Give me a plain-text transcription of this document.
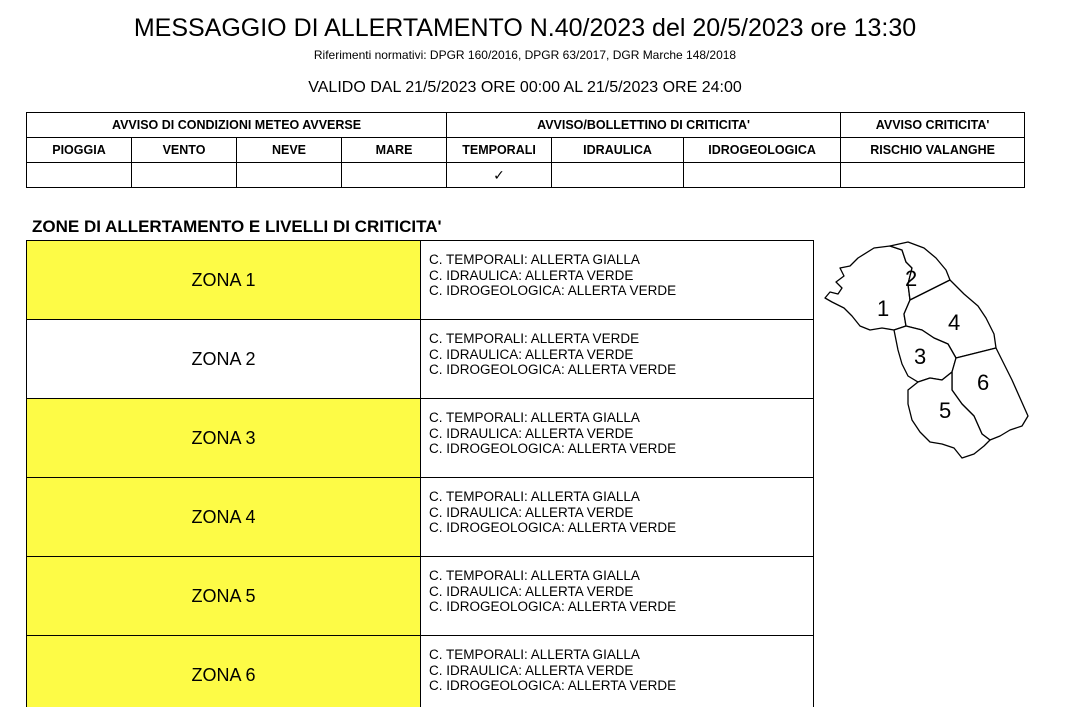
MESSAGGIO DI ALLERTAMENTO N.40/2023 del 20/5/2023 ore 13:30
Riferimenti normativi: DPGR 160/2016, DPGR 63/2017, DGR Marche 148/2018
VALIDO DAL 21/5/2023 ORE 00:00 AL 21/5/2023 ORE 24:00
AVVISO DI CONDIZIONI METEO AVVERSE				AVVISO/BOLLETTINO DI CRITICITA'			AVVISO CRITICITA'
PIOGGIA	VENTO	NEVE	MARE	TEMPORALI	IDRAULICA	IDROGEOLOGICA	RISCHIO VALANGHE
				✓			
ZONE DI ALLERTAMENTO E LIVELLI DI CRITICITA'
ZONA 1
C. TEMPORALI: ALLERTA GIALLA
C. IDRAULICA: ALLERTA VERDE
C. IDROGEOLOGICA: ALLERTA VERDE
ZONA 2
C. TEMPORALI: ALLERTA VERDE
C. IDRAULICA: ALLERTA VERDE
C. IDROGEOLOGICA: ALLERTA VERDE
ZONA 3
C. TEMPORALI: ALLERTA GIALLA
C. IDRAULICA: ALLERTA VERDE
C. IDROGEOLOGICA: ALLERTA VERDE
ZONA 4
C. TEMPORALI: ALLERTA GIALLA
C. IDRAULICA: ALLERTA VERDE
C. IDROGEOLOGICA: ALLERTA VERDE
ZONA 5
C. TEMPORALI: ALLERTA GIALLA
C. IDRAULICA: ALLERTA VERDE
C. IDROGEOLOGICA: ALLERTA VERDE
ZONA 6
C. TEMPORALI: ALLERTA GIALLA
C. IDRAULICA: ALLERTA VERDE
C. IDROGEOLOGICA: ALLERTA VERDE
2
1
4
3
6
5
